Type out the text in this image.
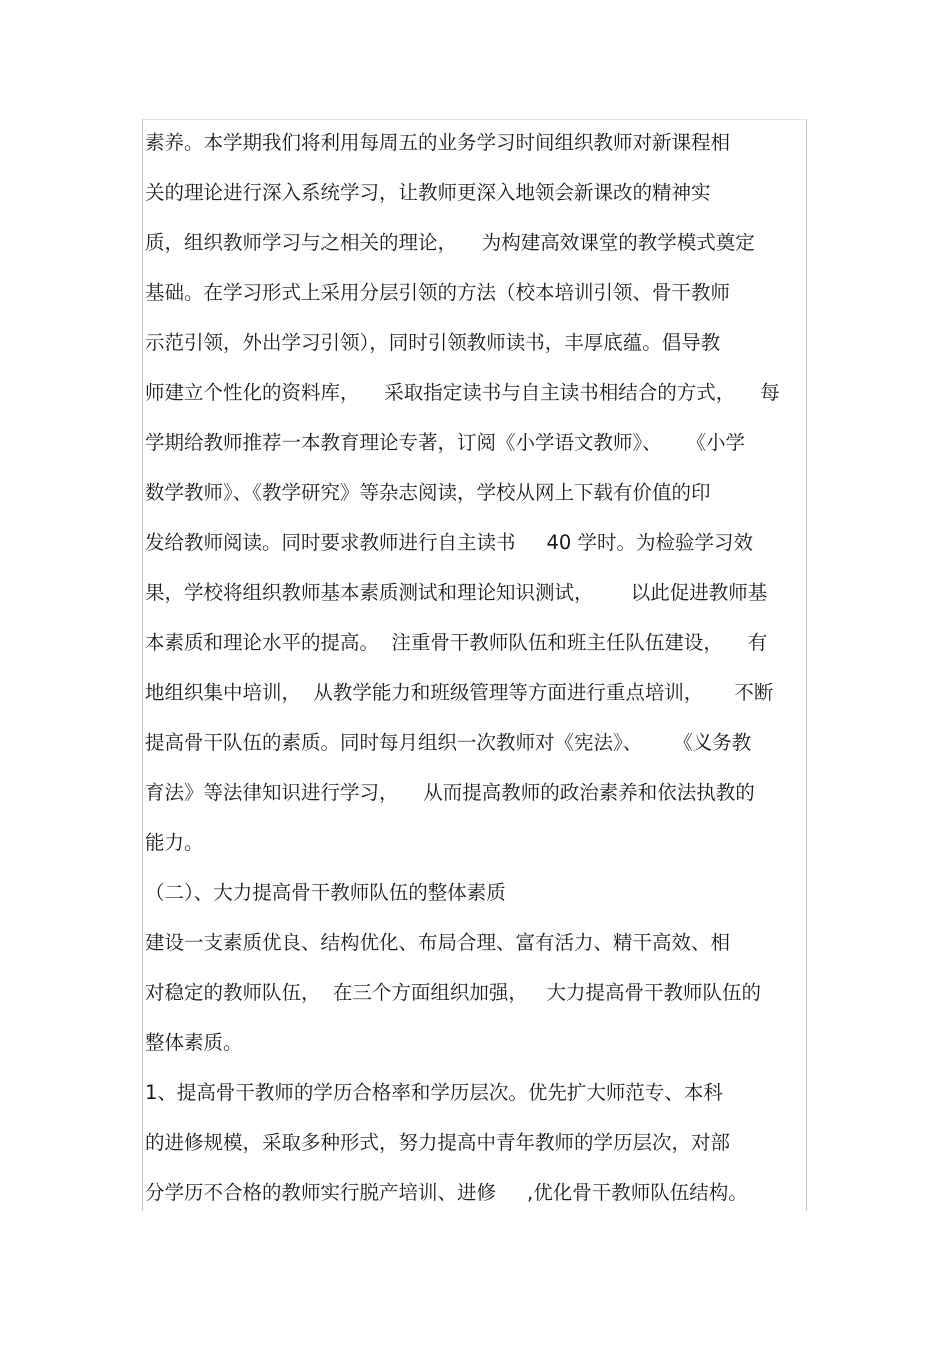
素养。本学期我们将利用每周五的业务学习时间组织教师对新课程相
关的理论进行深入系统学习，让教师更深入地领会新课改的精神实
质，组织教师学习与之相关的理论，    为构建高效课堂的教学模式奠定
基础。在学习形式上采用分层引领的方法（校本培训引领、骨干教师
示范引领，外出学习引领），同时引领教师读书，丰厚底蕴。倡导教
师建立个性化的资料库，    采取指定读书与自主读书相结合的方式，    每
学期给教师推荐一本教育理论专著，订阅《小学语文教师》、    《小学
数学教师》、《教学研究》等杂志阅读，学校从网上下载有价值的印
发给教师阅读。同时要求教师进行自主读书     40 学时。为检验学习效
果，学校将组织教师基本素质测试和理论知识测试，      以此促进教师基
本素质和理论水平的提高。  注重骨干教师队伍和班主任队伍建设，    有
地组织集中培训，  从教学能力和班级管理等方面进行重点培训，     不断
提高骨干队伍的素质。同时每月组织一次教师对《宪法》、     《义务教
育法》等法律知识进行学习，    从而提高教师的政治素养和依法执教的
能力。
（二）、大力提高骨干教师队伍的整体素质
建设一支素质优良、结构优化、布局合理、富有活力、精干高效、相
对稳定的教师队伍，  在三个方面组织加强，   大力提高骨干教师队伍的
整体素质。
1、提高骨干教师的学历合格率和学历层次。优先扩大师范专、本科
的进修规模，采取多种形式，努力提高中青年教师的学历层次，对部
分学历不合格的教师实行脱产培训、进修     ,优化骨干教师队伍结构。
